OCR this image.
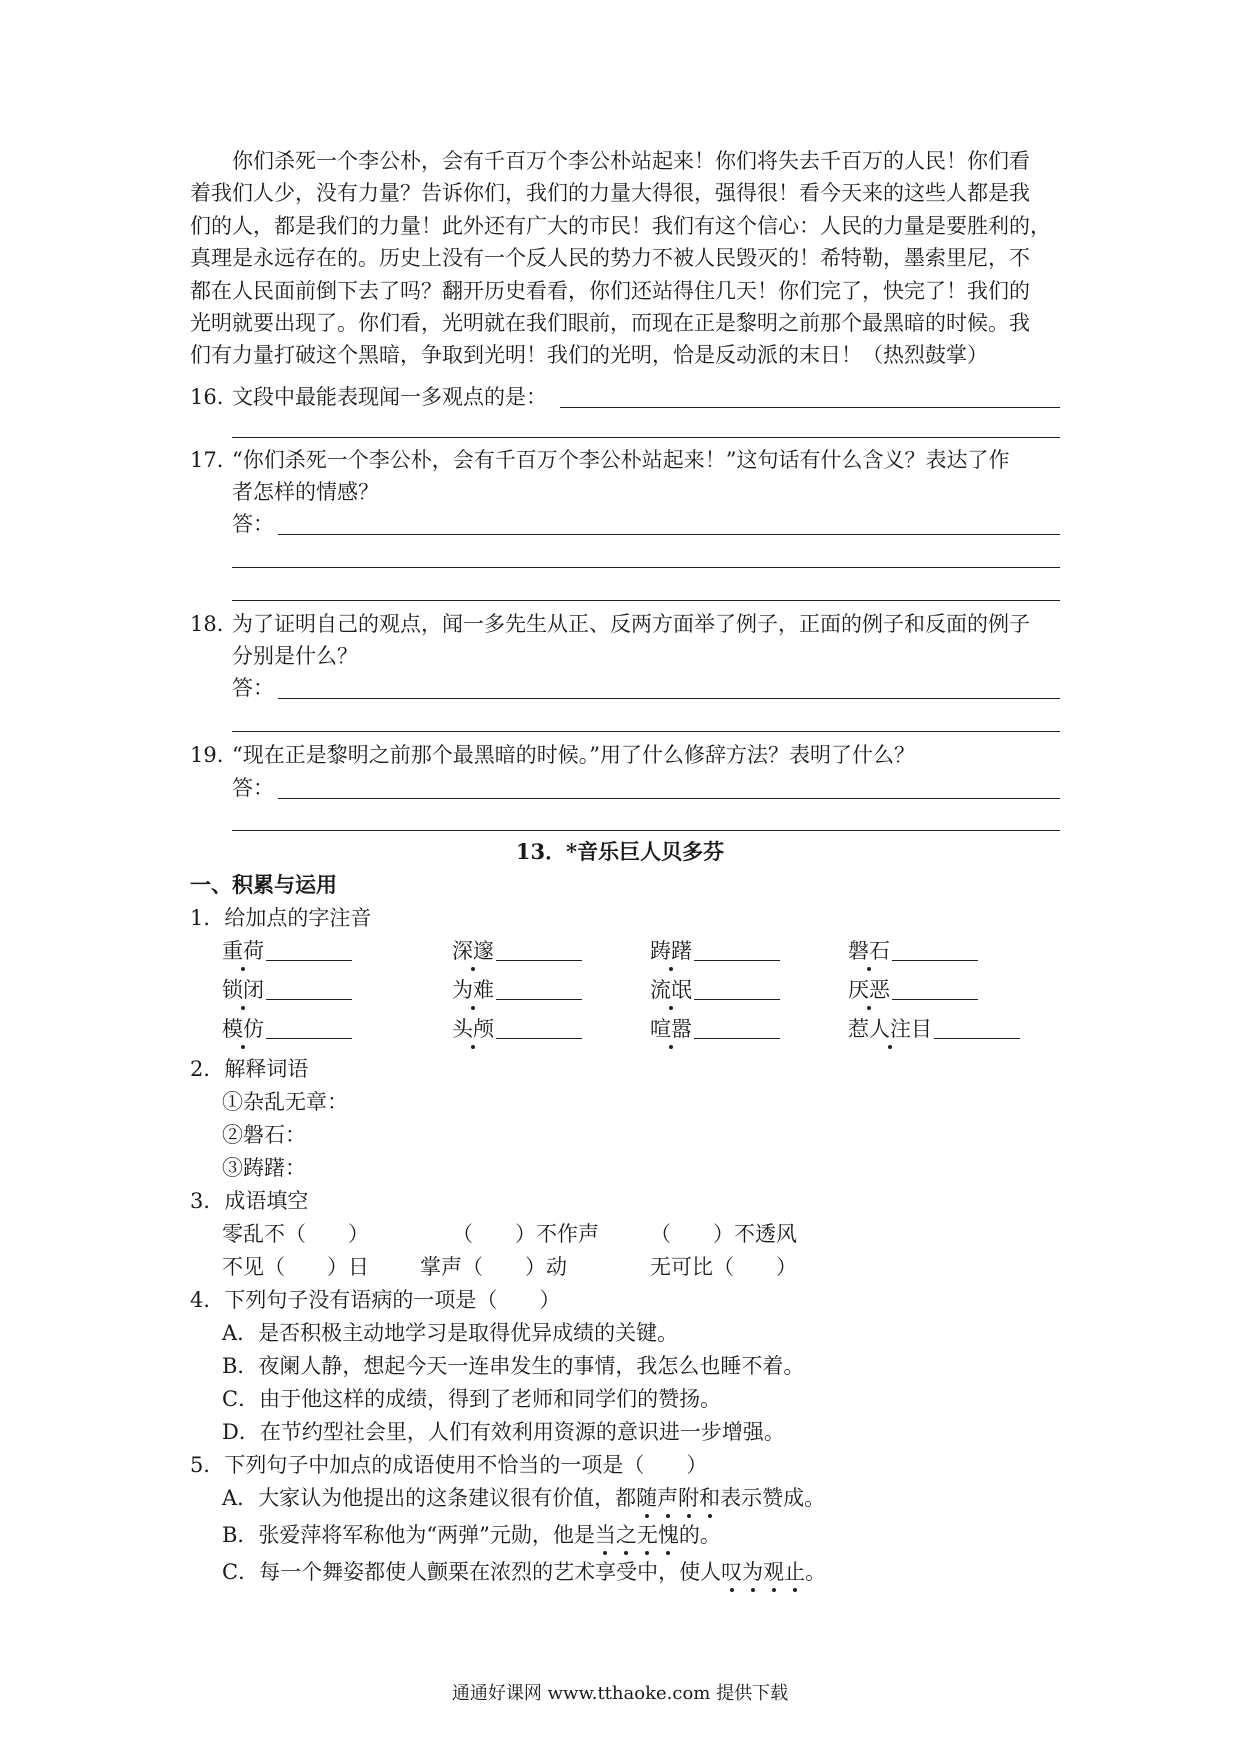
你们杀死一个李公朴，会有千百万个李公朴站起来！你们将失去千百万的人民！你们看
着我们人少，没有力量？告诉你们，我们的力量大得很，强得很！看今天来的这些人都是我
们的人，都是我们的力量！此外还有广大的市民！我们有这个信心：人民的力量是要胜利的，
真理是永远存在的。历史上没有一个反人民的势力不被人民毁灭的！希特勒，墨索里尼，不
都在人民面前倒下去了吗？翻开历史看看，你们还站得住几天！你们完了，快完了！我们的
光明就要出现了。你们看，光明就在我们眼前，而现在正是黎明之前那个最黑暗的时候。我
们有力量打破这个黑暗，争取到光明！我们的光明，恰是反动派的末日！（热烈鼓掌）
16. 文段中最能表现闻一多观点的是：
17. “你们杀死一个李公朴，会有千百万个李公朴站起来！”这句话有什么含义？表达了作
者怎样的情感？
答：
18. 为了证明自己的观点，闻一多先生从正、反两方面举了例子，正面的例子和反面的例子
分别是什么？
答：
19. “现在正是黎明之前那个最黑暗的时候。”用了什么修辞方法？表明了什么？
答：
13．*音乐巨人贝多芬
一、积累与运用
1．给加点的字注音
重荷	深邃	踌躇	磐石
锁闭	为难	流氓	厌恶
模仿	头颅	喧嚣	惹人注目
2．解释词语
①杂乱无章：
②磐石：
③踌躇：
3．成语填空
零乱不（　　）	（　　）不作声 （　　）不透风
不见（　　）日 掌声（　　）动	无可比（　　）
4．下列句子没有语病的一项是（　　）
A．是否积极主动地学习是取得优异成绩的关键。
B．夜阑人静，想起今天一连串发生的事情，我怎么也睡不着。
C．由于他这样的成绩，得到了老师和同学们的赞扬。
D．在节约型社会里，人们有效利用资源的意识进一步增强。
5．下列句子中加点的成语使用不恰当的一项是（　　）
A．大家认为他提出的这条建议很有价值，都随声附和表示赞成。
B．张爱萍将军称他为“两弹”元勋，他是当之无愧的。
C．每一个舞姿都使人颤栗在浓烈的艺术享受中，使人叹为观止。
通通好课网 www.tthaoke.com 提供下载
